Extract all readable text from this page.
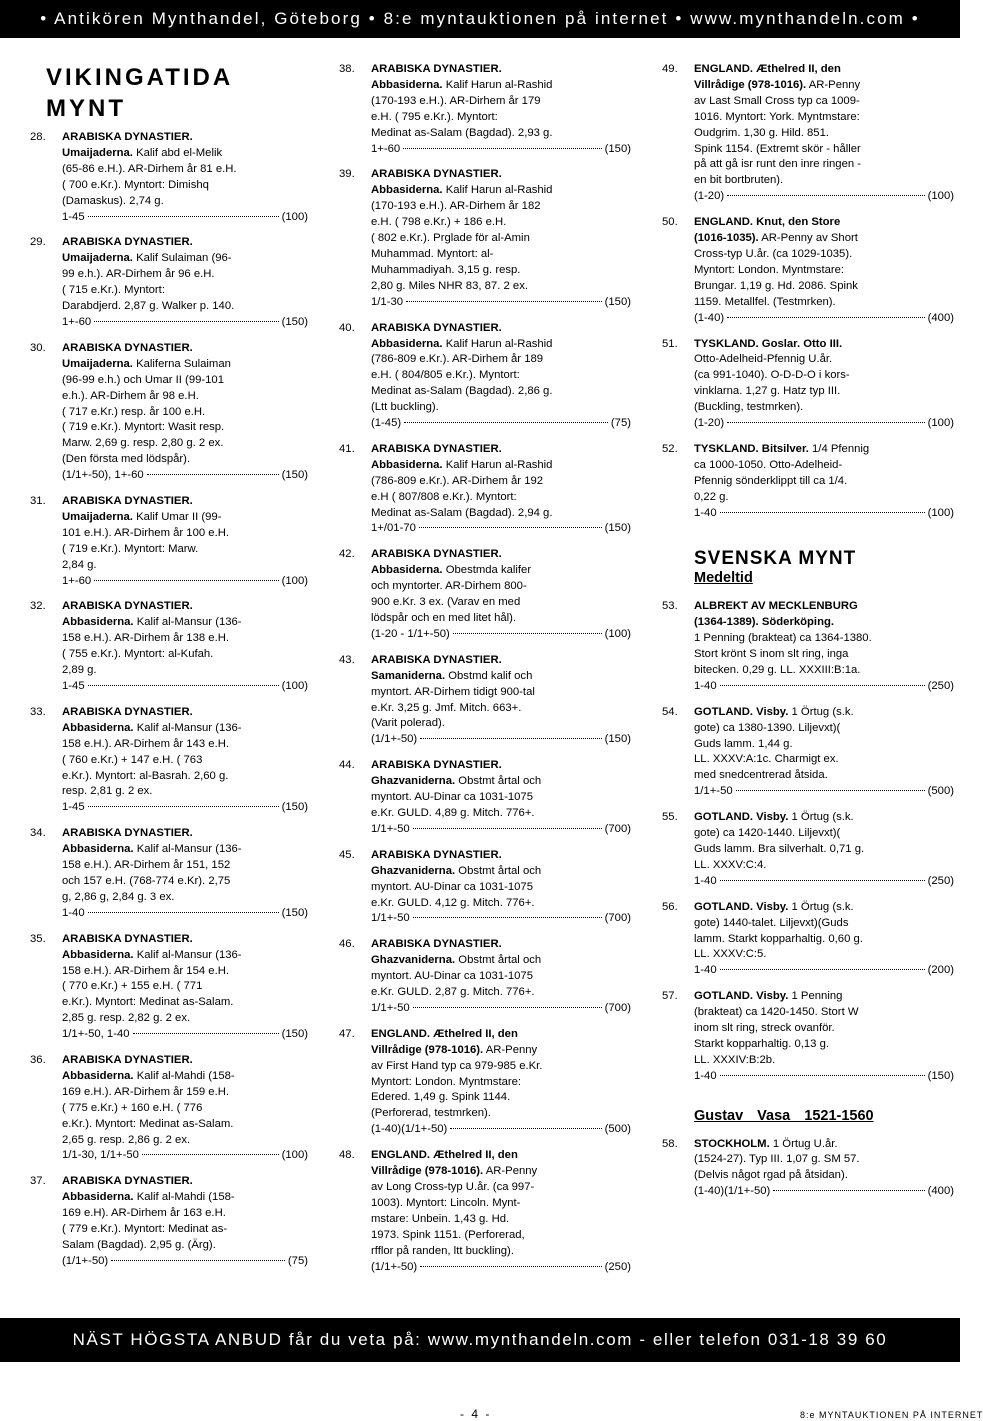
• Antikören Mynthandel, Göteborg • 8:e myntauktionen på internet • www.mynthandeln.com •
VIKINGATIDA
MYNT
28.	ARABISKA DYNASTIER.
Umaijaderna. Kalif abd el-Melik
(65-86 e.H.). AR-Dirhem år 81 e.H.
( 700 e.Kr.). Myntort: Dimishq
(Damaskus). 2,74 g.
1-45	(100)
29.	ARABISKA DYNASTIER.
Umaijaderna. Kalif Sulaiman (96-
99 e.h.). AR-Dirhem år 96 e.H.
( 715 e.Kr.). Myntort:
Darabdjerd. 2,87 g. Walker p. 140.
1+-60	(150)
30.	ARABISKA DYNASTIER.
Umaijaderna. Kaliferna Sulaiman
(96-99 e.h.) och Umar II (99-101
e.h.). AR-Dirhem år 98 e.H.
( 717 e.Kr.) resp. år 100 e.H.
( 719 e.Kr.). Myntort: Wasit resp.
Marw. 2,69 g. resp. 2,80 g. 2 ex.
(Den första med lödspår).
(1/1+-50), 1+-60	(150)
31.	ARABISKA DYNASTIER.
Umaijaderna. Kalif Umar II (99-
101 e.H.). AR-Dirhem år 100 e.H.
( 719 e.Kr.). Myntort: Marw.
2,84 g.
1+-60	(100)
32.	ARABISKA DYNASTIER.
Abbasiderna. Kalif al-Mansur (136-
158 e.H.). AR-Dirhem år 138 e.H.
( 755 e.Kr.). Myntort: al-Kufah.
2,89 g.
1-45	(100)
33.	ARABISKA DYNASTIER.
Abbasiderna. Kalif al-Mansur (136-
158 e.H.). AR-Dirhem år 143 e.H.
( 760 e.Kr.) + 147 e.H. ( 763
e.Kr.). Myntort: al-Basrah. 2,60 g.
resp. 2,81 g. 2 ex.
1-45	(150)
34.	ARABISKA DYNASTIER.
Abbasiderna. Kalif al-Mansur (136-
158 e.H.). AR-Dirhem år 151, 152
och 157 e.H. (768-774 e.Kr). 2,75
g, 2,86 g, 2,84 g. 3 ex.
1-40	(150)
35.	ARABISKA DYNASTIER.
Abbasiderna. Kalif al-Mansur (136-
158 e.H.). AR-Dirhem år 154 e.H.
( 770 e.Kr.) + 155 e.H. ( 771
e.Kr.). Myntort: Medinat as-Salam.
2,85 g. resp. 2,82 g. 2 ex.
1/1+-50, 1-40	(150)
36.	ARABISKA DYNASTIER.
Abbasiderna. Kalif al-Mahdi (158-
169 e.H.). AR-Dirhem år 159 e.H.
( 775 e.Kr.) + 160 e.H. ( 776
e.Kr.). Myntort: Medinat as-Salam.
2,65 g. resp. 2,86 g. 2 ex.
1/1-30, 1/1+-50	(100)
37.	ARABISKA DYNASTIER.
Abbasiderna. Kalif al-Mahdi (158-
169 e.H). AR-Dirhem år 163 e.H.
( 779 e.Kr.). Myntort: Medinat as-
Salam (Bagdad). 2,95 g. (Ärg).
(1/1+-50)	(75)
38.	ARABISKA DYNASTIER.
Abbasiderna. Kalif Harun al-Rashid
(170-193 e.H.). AR-Dirhem år 179
e.H. ( 795 e.Kr.). Myntort:
Medinat as-Salam (Bagdad). 2,93 g.
1+-60	(150)
39.	ARABISKA DYNASTIER.
Abbasiderna. Kalif Harun al-Rashid
(170-193 e.H.). AR-Dirhem år 182
e.H. ( 798 e.Kr.) + 186 e.H.
( 802 e.Kr.). Prglade för al-Amin
Muhammad. Myntort: al-
Muhammadiyah. 3,15 g. resp.
2,80 g. Miles NHR 83, 87. 2 ex.
1/1-30	(150)
40.	ARABISKA DYNASTIER.
Abbasiderna. Kalif Harun al-Rashid
(786-809 e.Kr.). AR-Dirhem år 189
e.H. ( 804/805 e.Kr.). Myntort:
Medinat as-Salam (Bagdad). 2,86 g.
(Ltt buckling).
(1-45)	(75)
41.	ARABISKA DYNASTIER.
Abbasiderna. Kalif Harun al-Rashid
(786-809 e.Kr.). AR-Dirhem år 192
e.H ( 807/808 e.Kr.). Myntort:
Medinat as-Salam (Bagdad). 2,94 g.
1+/01-70	(150)
42.	ARABISKA DYNASTIER.
Abbasiderna. Obestmda kalifer
och myntorter. AR-Dirhem 800-
900 e.Kr. 3 ex. (Varav en med
lödspår och en med litet hål).
(1-20 - 1/1+-50)	(100)
43.	ARABISKA DYNASTIER.
Samaniderna. Obstmd kalif och
myntort. AR-Dirhem tidigt 900-tal
e.Kr. 3,25 g. Jmf. Mitch. 663+.
(Varit polerad).
(1/1+-50)	(150)
44.	ARABISKA DYNASTIER.
Ghazvaniderna. Obstmt årtal och
myntort. AU-Dinar ca 1031-1075
e.Kr. GULD. 4,89 g. Mitch. 776+.
1/1+-50	(700)
45.	ARABISKA DYNASTIER.
Ghazvaniderna. Obstmt årtal och
myntort. AU-Dinar ca 1031-1075
e.Kr. GULD. 4,12 g. Mitch. 776+.
1/1+-50	(700)
46.	ARABISKA DYNASTIER.
Ghazvaniderna. Obstmt årtal och
myntort. AU-Dinar ca 1031-1075
e.Kr. GULD. 2,87 g. Mitch. 776+.
1/1+-50	(700)
47.	ENGLAND. Æthelred II, den
Villrådige (978-1016). AR-Penny
av First Hand typ ca 979-985 e.Kr.
Myntort: London. Myntmstare:
Edered. 1,49 g. Spink 1144.
(Perforerad, testmrken).
(1-40)(1/1+-50)	(500)
48.	ENGLAND. Æthelred II, den
Villrådige (978-1016). AR-Penny
av Long Cross-typ U.år. (ca 997-
1003). Myntort: Lincoln. Mynt-
mstare: Unbein. 1,43 g. Hd.
1973. Spink 1151. (Perforerad,
rfflor på randen, ltt buckling).
(1/1+-50)	(250)
49.	ENGLAND. Æthelred II, den
Villrådige (978-1016). AR-Penny
av Last Small Cross typ ca 1009-
1016. Myntort: York. Myntmstare:
Oudgrim. 1,30 g. Hild. 851.
Spink 1154. (Extremt skör - håller
på att gå isr runt den inre ringen -
en bit bortbruten).
(1-20)	(100)
50.	ENGLAND. Knut, den Store
(1016-1035). AR-Penny av Short
Cross-typ U.år. (ca 1029-1035).
Myntort: London. Myntmstare:
Brungar. 1,19 g. Hd. 2086. Spink
1159. Metallfel. (Testmrken).
(1-40)	(400)
51.	TYSKLAND. Goslar. Otto III.
Otto-Adelheid-Pfennig U.år.
(ca 991-1040). O-D-D-O i kors-
vinklarna. 1,27 g. Hatz typ III.
(Buckling, testmrken).
(1-20)	(100)
52.	TYSKLAND. Bitsilver. 1/4 Pfennig
ca 1000-1050. Otto-Adelheid-
Pfennig sönderklippt till ca 1/4.
0,22 g.
1-40	(100)
SVENSKA MYNT
Medeltid
53.	ALBREKT AV MECKLENBURG
(1364-1389). Söderköping.
1 Penning (brakteat) ca 1364-1380.
Stort krönt S inom slt ring, inga
bitecken. 0,29 g. LL. XXXIII:B:1a.
1-40	(250)
54.	GOTLAND. Visby. 1 Örtug (s.k.
gote) ca 1380-1390. Liljevxt)(
Guds lamm. 1,44 g.
LL. XXXV:A:1c. Charmigt ex.
med snedcentrerad åtsida.
1/1+-50	(500)
55.	GOTLAND. Visby. 1 Örtug (s.k.
gote) ca 1420-1440. Liljevxt)(
Guds lamm. Bra silverhalt. 0,71 g.
LL. XXXV:C:4.
1-40	(250)
56.	GOTLAND. Visby. 1 Örtug (s.k.
gote) 1440-talet. Liljevxt)(Guds
lamm. Starkt kopparhaltig. 0,60 g.
LL. XXXV:C:5.
1-40	(200)
57.	GOTLAND. Visby. 1 Penning
(brakteat) ca 1420-1450. Stort W
inom slt ring, streck ovanför.
Starkt kopparhaltig. 0,13 g.
LL. XXXIV:B:2b.
1-40	(150)
Gustav Vasa 1521-1560
58.	STOCKHOLM. 1 Örtug U.år.
(1524-27). Typ III. 1,07 g. SM 57.
(Delvis något rgad på åtsidan).
(1-40)(1/1+-50)	(400)
NÄST HÖGSTA ANBUD får du veta på: www.mynthandeln.com - eller telefon 031-18 39 60
- 4 -	8:e MYNTAUKTIONEN PÅ INTERNET
